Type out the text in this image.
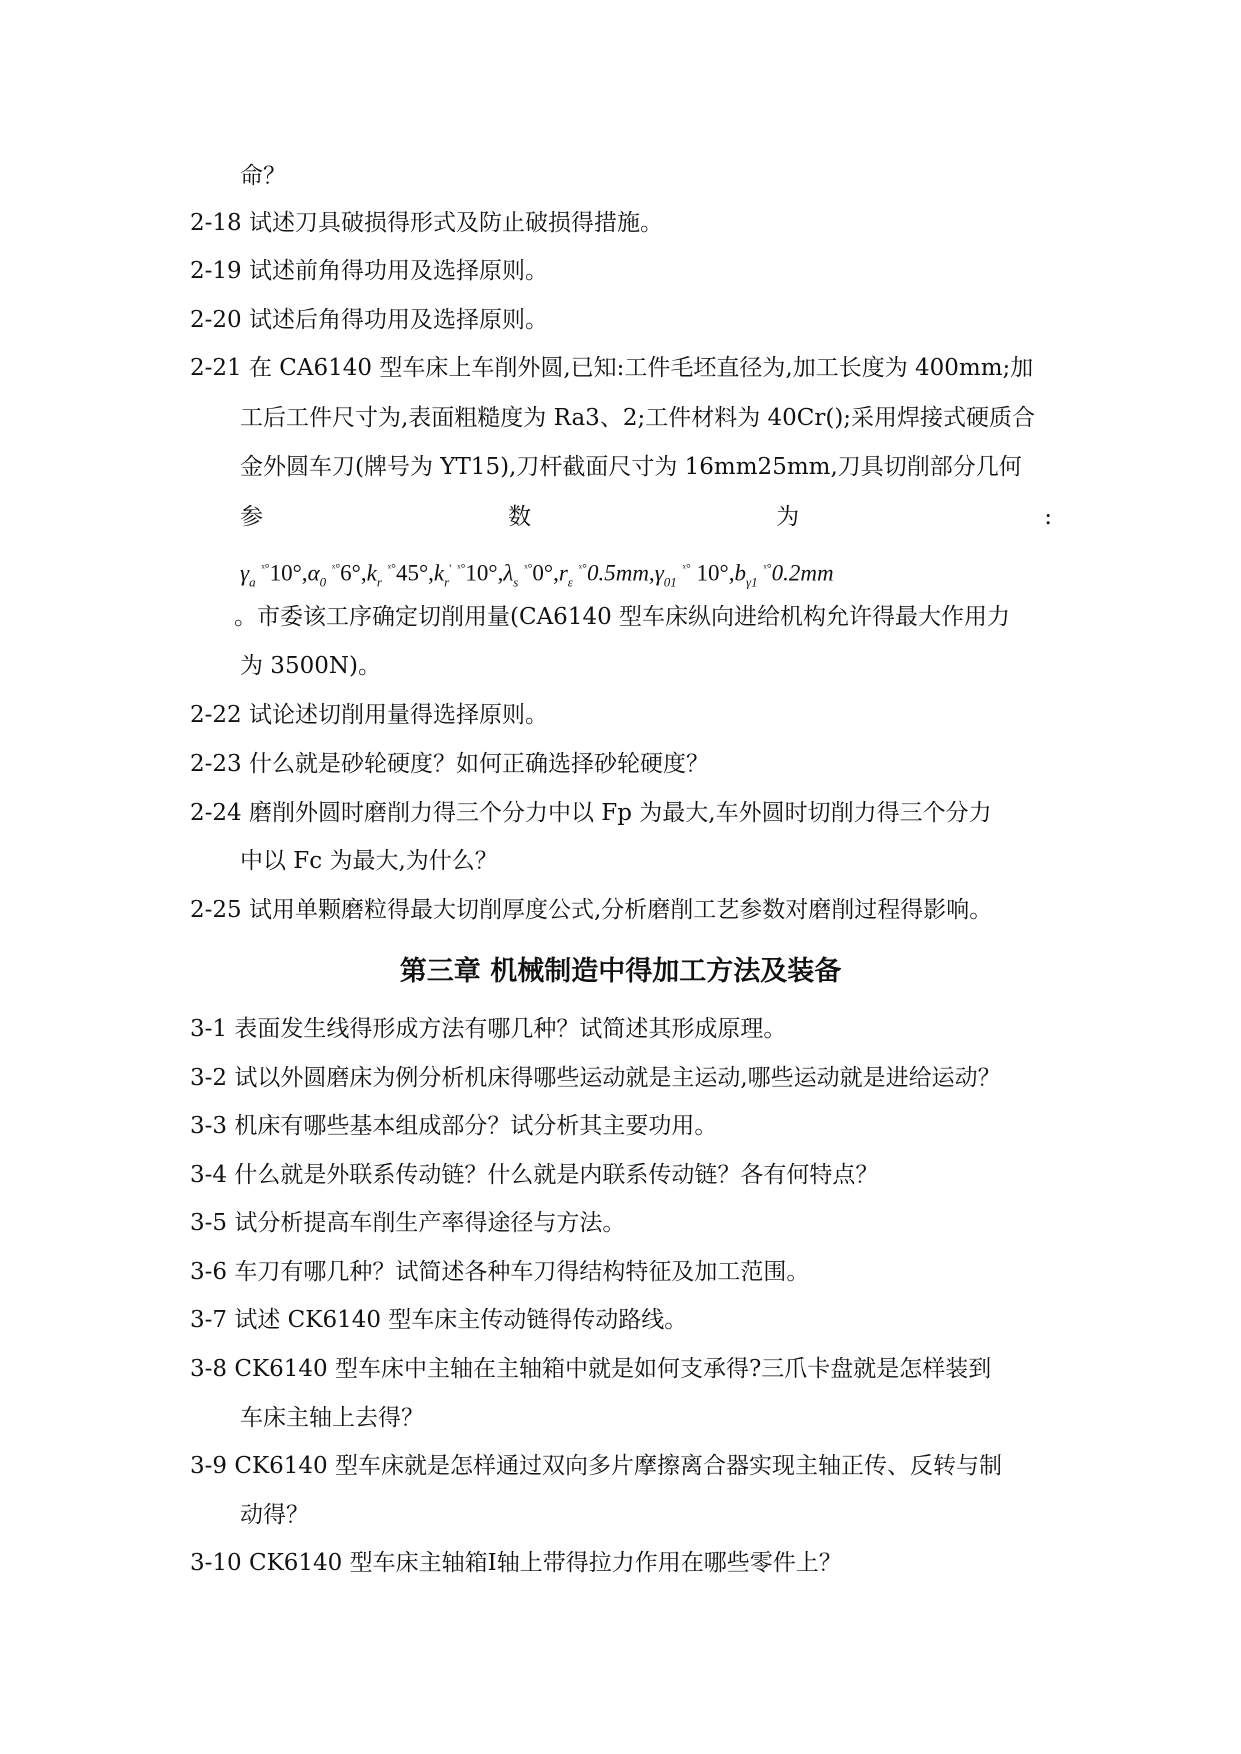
命？
2-18 试述刀具破损得形式及防止破损得措施。
2-19 试述前角得功用及选择原则。
2-20 试述后角得功用及选择原则。
2-21 在 CA6140 型车床上车削外圆,已知:工件毛坯直径为,加工长度为 400mm;加
工后工件尺寸为,表面粗糙度为 Ra3、2;工件材料为 40Cr();采用焊接式硬质合
金外圆车刀(牌号为 YT15),刀杆截面尺寸为 16mm25mm,刀具切削部分几何
参	数	为	:
$\gamma_a$ $^{ˣ^\circ}10^\circ,\alpha_0$ $^{ˣ^\circ}6^\circ,k_r$ $^{ˣ^\circ}45^\circ,k_r'$ $^{ˣ^\circ}10^\circ,\lambda_s$ $^{ˣ^\circ}0^\circ,r_\varepsilon$ $^{ˣ^\circ}0.5mm,\gamma_{01}$ $^{ˣ^\circ}$ $10^\circ,b_{\gamma 1}$ $^{ˣ^\circ}$0.2mm
。市委该工序确定切削用量(CA6140 型车床纵向进给机构允许得最大作用力
为 3500N)。
2-22 试论述切削用量得选择原则。
2-23 什么就是砂轮硬度？如何正确选择砂轮硬度？
2-24 磨削外圆时磨削力得三个分力中以 Fp 为最大,车外圆时切削力得三个分力
中以 Fc 为最大,为什么？
2-25 试用单颗磨粒得最大切削厚度公式,分析磨削工艺参数对磨削过程得影响。
第三章 机械制造中得加工方法及装备
3-1 表面发生线得形成方法有哪几种？试简述其形成原理。
3-2 试以外圆磨床为例分析机床得哪些运动就是主运动,哪些运动就是进给运动？
3-3 机床有哪些基本组成部分？试分析其主要功用。
3-4 什么就是外联系传动链？什么就是内联系传动链？各有何特点？
3-5 试分析提高车削生产率得途径与方法。
3-6 车刀有哪几种？试简述各种车刀得结构特征及加工范围。
3-7 试述 CK6140 型车床主传动链得传动路线。
3-8 CK6140 型车床中主轴在主轴箱中就是如何支承得?三爪卡盘就是怎样装到
车床主轴上去得？
3-9 CK6140 型车床就是怎样通过双向多片摩擦离合器实现主轴正传、反转与制
动得？
3-10 CK6140 型车床主轴箱Ⅰ轴上带得拉力作用在哪些零件上？
